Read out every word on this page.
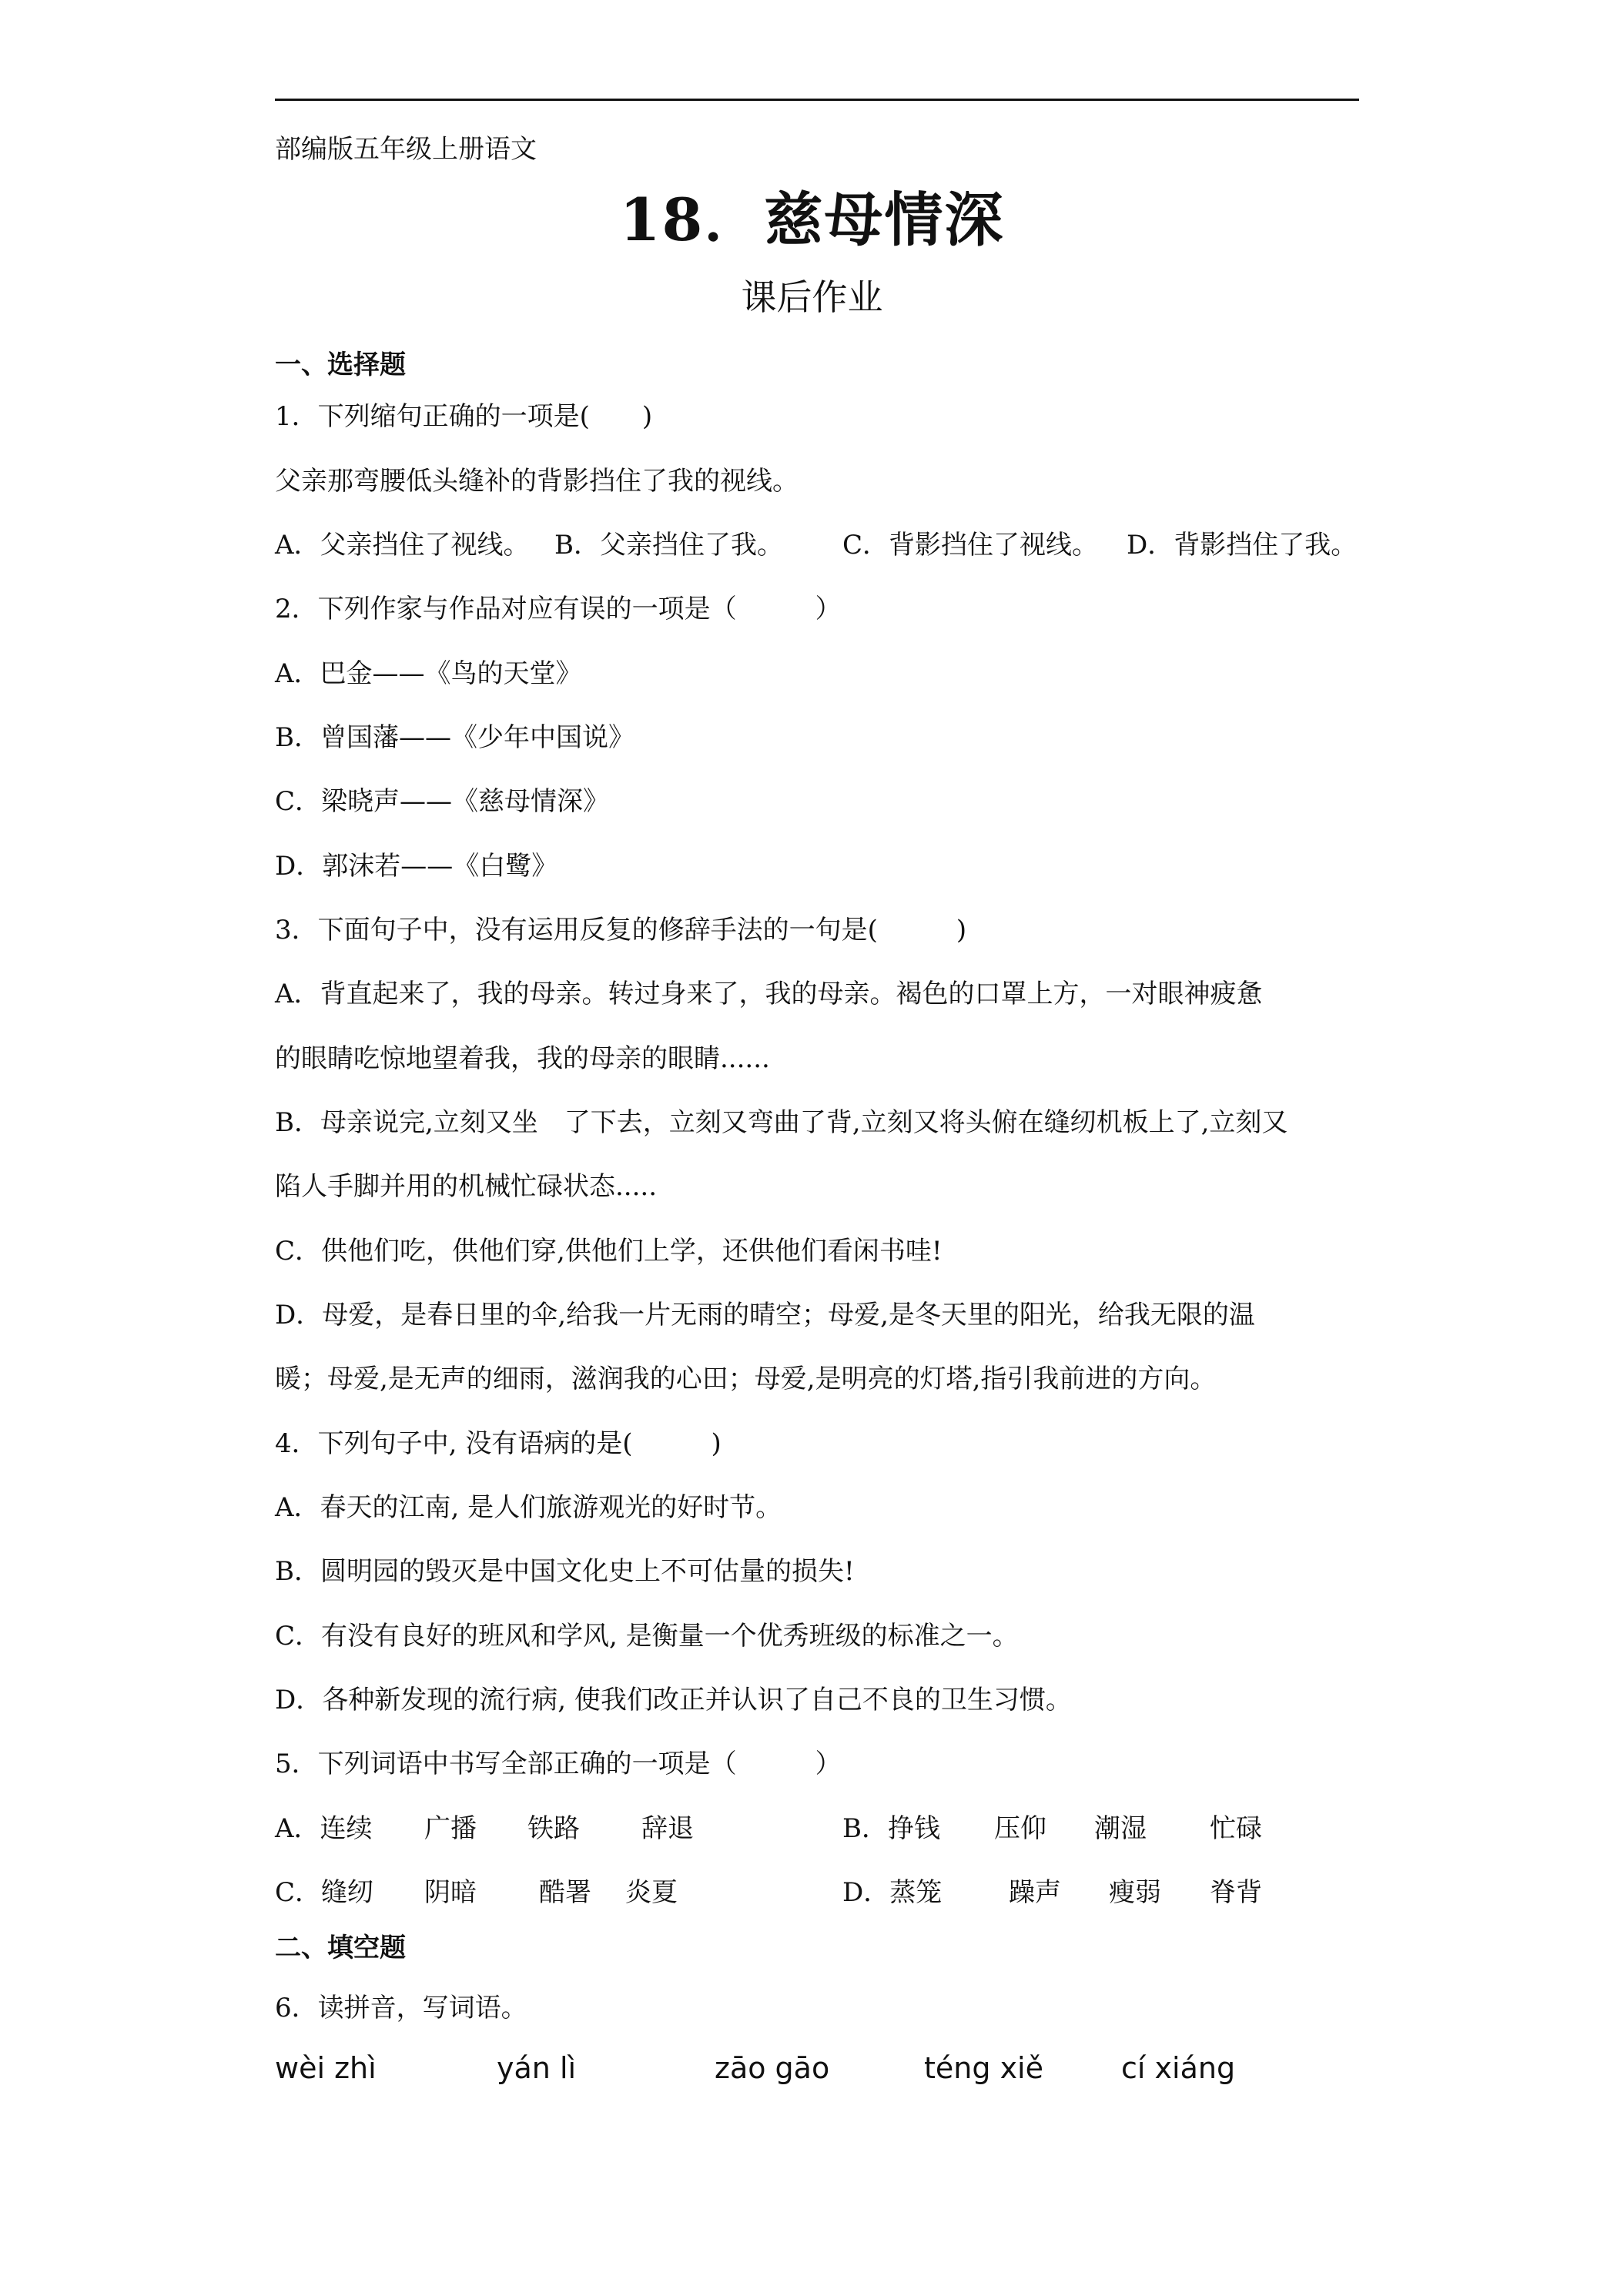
部编版五年级上册语文
18．慈母情深
课后作业
一、选择题
1．下列缩句正确的一项是(　　)
父亲那弯腰低头缝补的背影挡住了我的视线。
A．父亲挡住了视线。 B．父亲挡住了我。 C．背影挡住了视线。 D．背影挡住了我。
2．下列作家与作品对应有误的一项是（　　　）
A．巴金——《鸟的天堂》
B．曾国藩——《少年中国说》
C．梁晓声——《慈母情深》
D．郭沫若——《白鹭》
3．下面句子中，没有运用反复的修辞手法的一句是(　　　)
A．背直起来了，我的母亲。转过身来了，我的母亲。褐色的口罩上方，一对眼神疲惫
的眼睛吃惊地望着我，我的母亲的眼睛......
B．母亲说完,立刻又坐　了下去，立刻又弯曲了背,立刻又将头俯在缝纫机板上了,立刻又
陷人手脚并用的机械忙碌状态.....
C．供他们吃，供他们穿,供他们上学，还供他们看闲书哇!
D．母爱，是春日里的伞,给我一片无雨的晴空；母爱,是冬天里的阳光，给我无限的温
暖；母爱,是无声的细雨，滋润我的心田；母爱,是明亮的灯塔,指引我前进的方向。
4．下列句子中, 没有语病的是(　　　)
A．春天的江南, 是人们旅游观光的好时节。
B．圆明园的毁灭是中国文化史上不可估量的损失!
C．有没有良好的班风和学风, 是衡量一个优秀班级的标准之一。
D．各种新发现的流行病, 使我们改正并认识了自己不良的卫生习惯。
5．下列词语中书写全部正确的一项是（　　　）
A．连续 广播 铁路 辞退	B．挣钱 压仰 潮湿 忙碌
C．缝纫 阴暗 酷署 炎夏	D．蒸笼	躁声 瘦弱 脊背
二、填空题
6．读拼音，写词语。
wèi zhì	yán lì	zāo gāo	téng xiě	cí xiáng
